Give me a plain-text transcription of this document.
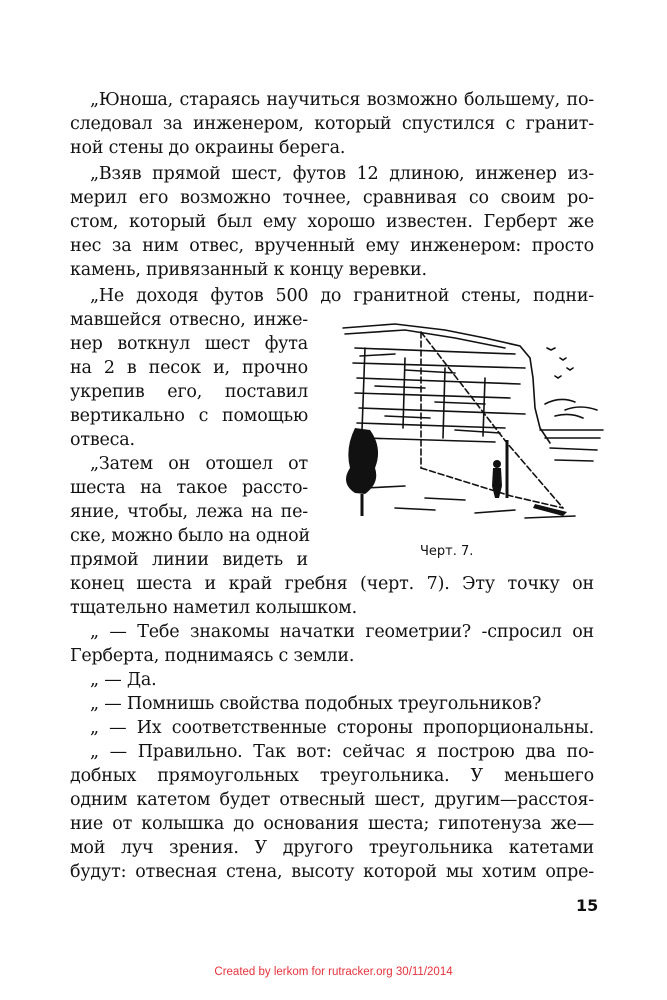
„Юноша, стараясь научиться возможно большему, по-
следовал за инженером, который спустился с гранит-
ной стены до окраины берега.
„Взяв прямой шест, футов 12 длиною, инженер из-
мерил его возможно точнее, сравнивая со своим ро-
стом, который был ему хорошо известен. Герберт же
нес за ним отвес, врученный ему инженером: просто
камень, привязанный к концу веревки.
„Не доходя футов 500 до гранитной стены, подни-
мавшейся отвесно, инже-
нер воткнул шест фута
на 2 в песок и, прочно
укрепив его, поставил
вертикально с помощью
отвеса.
„Затем он отошел от
шеста на такое рассто-
яние, чтобы, лежа на пе-
ске, можно было на одной
прямой линии видеть и
конец шеста и край гребня (черт. 7). Эту точку он
тщательно наметил колышком.
„ — Тебе знакомы начатки геометрии? -спросил он
Герберта, поднимаясь с земли.
„ — Да.
„ — Помнишь свойства подобных треугольников?
„ — Их соответственные стороны пропорциональны.
„ — Правильно. Так вот: сейчас я построю два по-
добных прямоугольных треугольника. У меньшего
одним катетом будет отвесный шест, другим—расстоя-
ние от колышка до основания шеста; гипотенуза же—
мой луч зрения. У другого треугольника катетами
будут: отвесная стена, высоту которой мы хотим опре-
Черт. 7.
15
Created by lerkom for rutracker.org 30/11/2014
